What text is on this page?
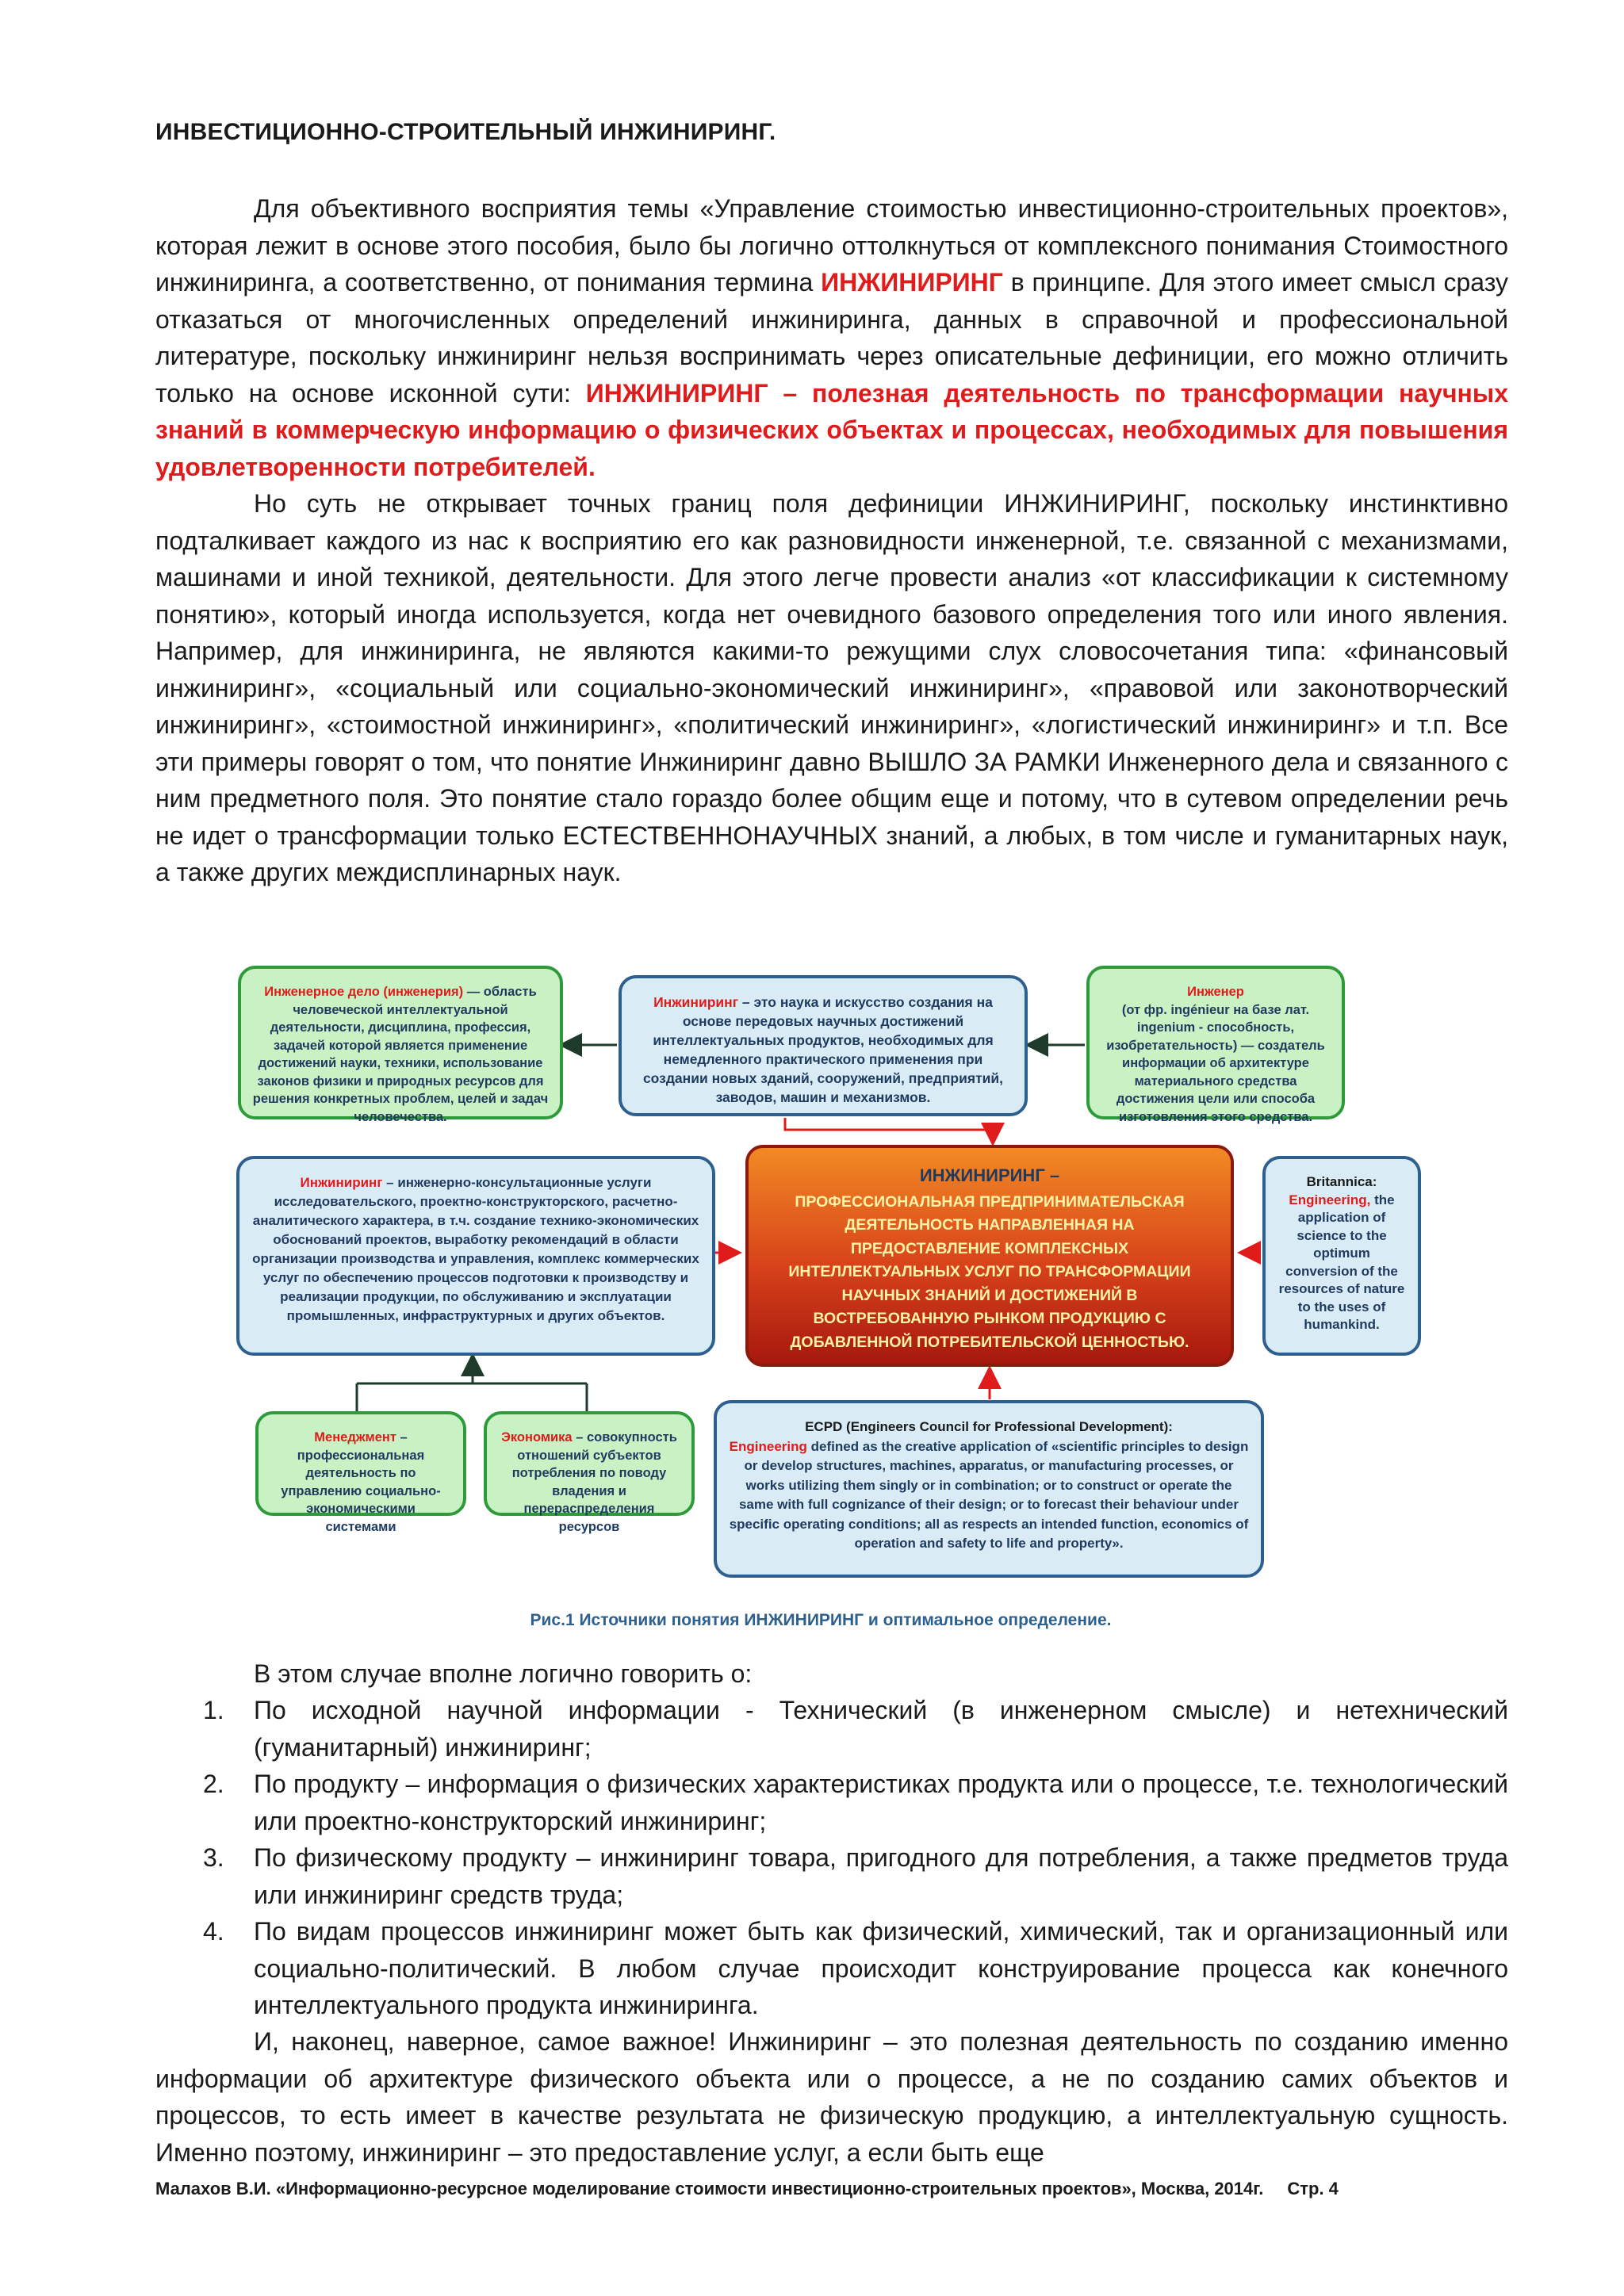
ИНВЕСТИЦИОННО-СТРОИТЕЛЬНЫЙ ИНЖИНИРИНГ.

Для объективного восприятия темы «Управление стоимостью инвестиционно-строительных проектов», которая лежит в основе этого пособия, было бы логично оттолкнуться от комплексного понимания Стоимостного инжиниринга, а соответственно, от понимания термина ИНЖИНИРИНГ в принципе. Для этого имеет смысл сразу отказаться от многочисленных определений инжиниринга, данных в справочной и профессиональной литературе, поскольку инжиниринг нельзя воспринимать через описательные дефиниции, его можно отличить только на основе исконной сути: ИНЖИНИРИНГ – полезная деятельность по трансформации научных знаний в коммерческую информацию о физических объектах и процессах, необходимых для повышения удовлетворенности потребителей.

Но суть не открывает точных границ поля дефиниции ИНЖИНИРИНГ, поскольку инстинктивно подталкивает каждого из нас к восприятию его как разновидности инженерной, т.е. связанной с механизмами, машинами и иной техникой, деятельности. Для этого легче провести анализ «от классификации к системному понятию», который иногда используется, когда нет очевидного базового определения того или иного явления. Например, для инжиниринга, не являются какими-то режущими слух словосочетания типа: «финансовый инжиниринг», «социальный или социально-экономический инжиниринг», «правовой или законотворческий инжиниринг», «стоимостной инжиниринг», «политический инжиниринг», «логистический инжиниринг» и т.п. Все эти примеры говорят о том, что понятие Инжиниринг давно ВЫШЛО ЗА РАМКИ Инженерного дела и связанного с ним предметного поля. Это понятие стало гораздо более общим еще и потому, что в сутевом определении речь не идет о трансформации только ЕСТЕСТВЕННОНАУЧНЫХ знаний, а любых, в том числе и гуманитарных наук, а также других междисплинарных наук.

Инженерное дело (инженерия) — область человеческой интеллектуальной деятельности, дисциплина, профессия, задачей которой является применение достижений науки, техники, использование законов физики и природных ресурсов для решения конкретных проблем, целей и задач человечества.
Инжиниринг – это наука и искусство создания на основе передовых научных достижений интеллектуальных продуктов, необходимых для немедленного практического применения при создании новых зданий, сооружений, предприятий, заводов, машин и механизмов.
Инженер
(от фр. ingénieur на базе лат. ingenium - способность, изобретательность) — создатель информации об архитектуре материального средства достижения цели или способа изготовления этого средства.
Инжиниринг – инженерно-консультационные услуги исследовательского, проектно-конструкторского, расчетно-аналитического характера, в т.ч. создание технико-экономических обоснований проектов, выработку рекомендаций в области организации производства и управления, комплекс коммерческих услуг по обеспечению процессов подготовки к производству и реализации продукции, по обслуживанию и эксплуатации промышленных, инфраструктурных и других объектов.
ИНЖИНИРИНГ –
ПРОФЕССИОНАЛЬНАЯ ПРЕДПРИНИМАТЕЛЬСКАЯ ДЕЯТЕЛЬНОСТЬ НАПРАВЛЕННАЯ НА ПРЕДОСТАВЛЕНИЕ КОМПЛЕКСНЫХ ИНТЕЛЛЕКТУАЛЬНЫХ УСЛУГ ПО ТРАНСФОРМАЦИИ НАУЧНЫХ ЗНАНИЙ И ДОСТИЖЕНИЙ В ВОСТРЕБОВАННУЮ РЫНКОМ ПРОДУКЦИЮ С ДОБАВЛЕННОЙ ПОТРЕБИТЕЛЬСКОЙ ЦЕННОСТЬЮ.
Britannica:
Engineering, the application of science to the optimum conversion of the resources of nature to the uses of humankind.
Менеджмент – профессиональная деятельность по управлению социально-экономическими системами
Экономика – совокупность отношений субъектов потребления по поводу владения и перераспределения ресурсов
ECPD (Engineers Council for Professional Development):
Engineering defined as the creative application of «scientific principles to design or develop structures, machines, apparatus, or manufacturing processes, or works utilizing them singly or in combination; or to construct or operate the same with full cognizance of their design; or to forecast their behaviour under specific operating conditions; all as respects an intended function, economics of operation and safety to life and property».
Рис.1 Источники понятия ИНЖИНИРИНГ и оптимальное определение.

В этом случае вполне логично говорить о:

1. По исходной научной информации - Технический (в инженерном смысле) и нетехнический (гуманитарный) инжиниринг;
2. По продукту – информация о физических характеристиках продукта или о процессе, т.е. технологический или проектно-конструкторский инжиниринг;
3. По физическому продукту – инжиниринг товара, пригодного для потребления, а также предметов труда или инжиниринг средств труда;
4. По видам процессов инжиниринг может быть как физический, химический, так и организационный или социально-политический. В любом случае происходит конструирование процесса как конечного интеллектуального продукта инжиниринга.

И, наконец, наверное, самое важное! Инжиниринг – это полезная деятельность по созданию именно информации об архитектуре физического объекта или о процессе, а не по созданию самих объектов и процессов, то есть имеет в качестве результата не физическую продукцию, а интеллектуальную сущность. Именно поэтому, инжиниринг – это предоставление услуг, а если быть еще

Малахов В.И. «Информационно-ресурсное моделирование стоимости инвестиционно-строительных проектов», Москва, 2014г. Стр. 4
